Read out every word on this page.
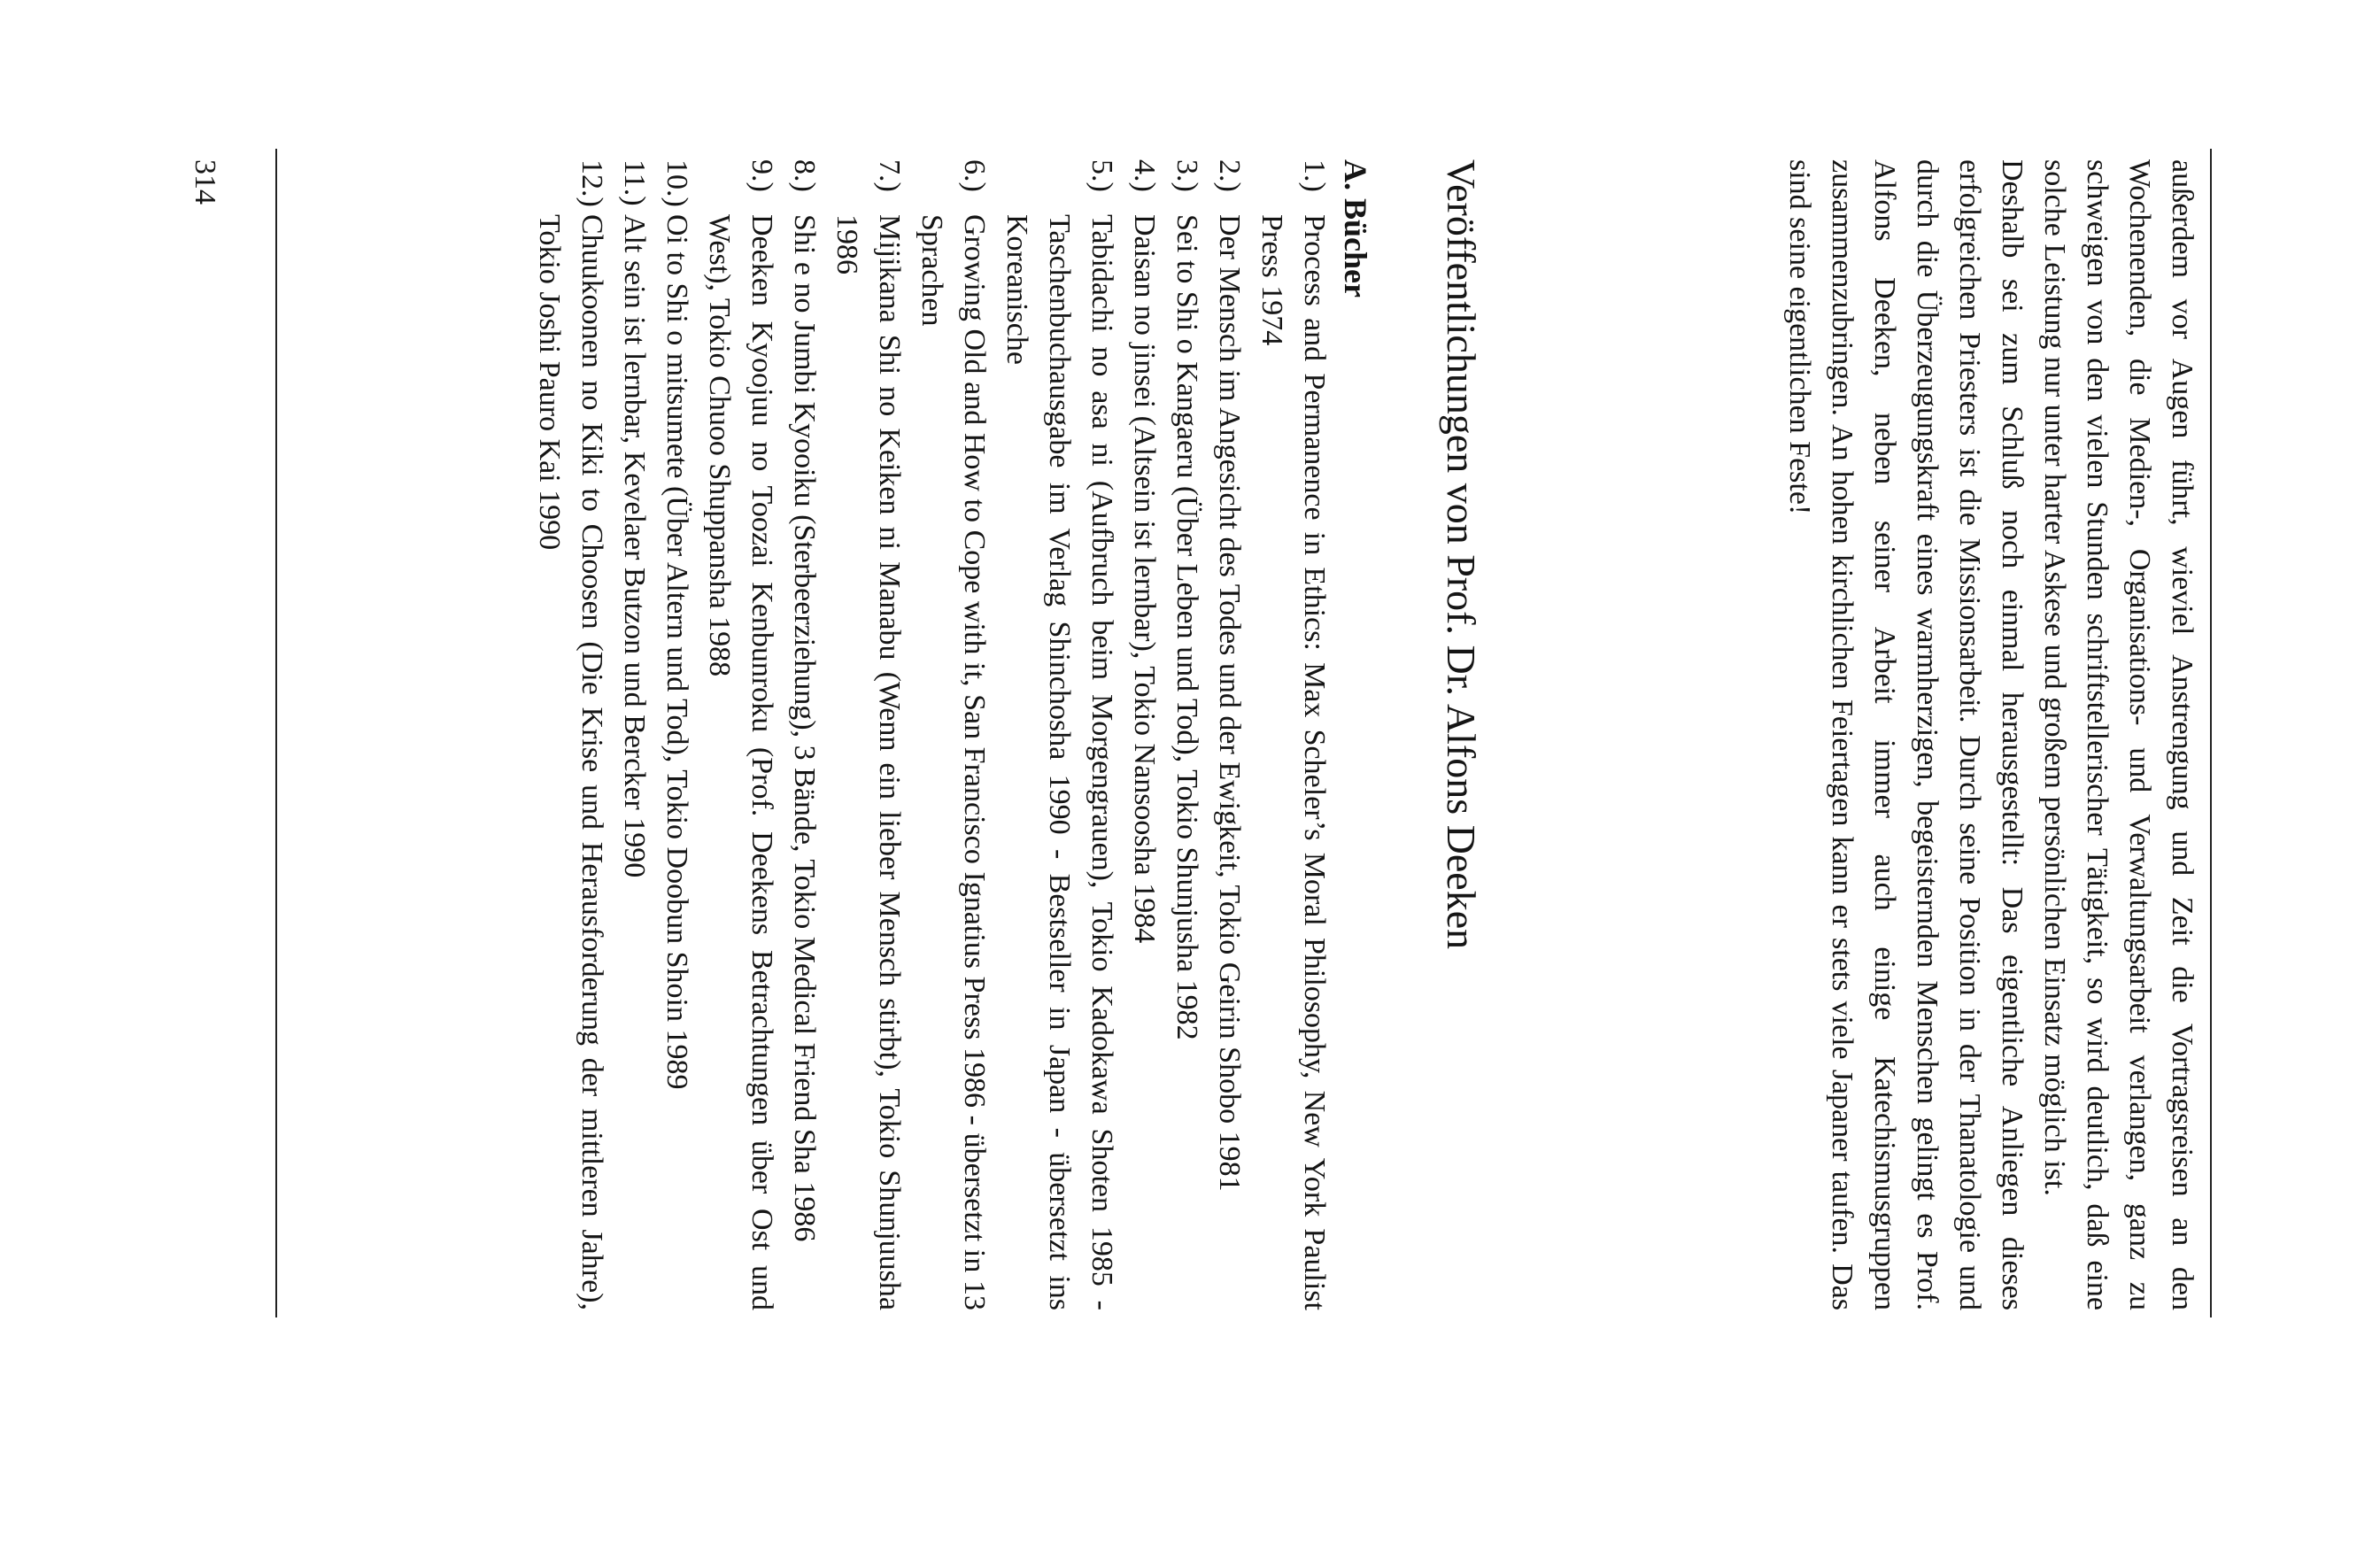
außerdem vor Augen führt, wieviel Anstrengung und Zeit die Vortragsreisen an den Wochenenden, die Medien-, Organisations- und Verwaltungsarbeit verlangen, ganz zu schweigen von den vielen Stunden schriftstellerischer Tätigkeit, so wird deutlich, daß eine solche Leistung nur unter harter Askese und großem persönlichen Einsatz möglich ist.

Deshalb sei zum Schluß noch einmal herausgestellt: Das eigentliche Anliegen dieses erfolgreichen Priesters ist die Missionsarbeit. Durch seine Position in der Thanatologie und durch die Überzeugungskraft eines warmherzigen, begeisternden Menschen gelingt es Prof. Alfons Deeken, neben seiner Arbeit immer auch einige Katechismusgruppen zusammenzubringen. An hohen kirchlichen Feiertagen kann er stets viele Japaner taufen. Das sind seine eigentlichen Feste!

Veröffentlichungen von Prof. Dr. Alfons Deeken
A. Bücher
1.)
Process and Permanence in Ethics: Max Scheler’s Moral Philosophy, New York Paulist Press 1974
2.)
Der Mensch im Angesicht des Todes und der Ewigkeit, Tokio Geirin Shobo 1981
3.)
Sei to Shi o Kangaeru (Über Leben und Tod), Tokio Shunjusha 1982
4.)
Daisan no jinsei (Altsein ist lernbar), Tokio Nansoosha 1984
5.)
Tabidachi no asa ni (Aufbruch beim Morgengrauen), Tokio Kadokawa Shoten 1985 - Taschenbuchausgabe im Verlag Shinchosha 1990 - Bestseller in Japan - übersetzt ins Koreanische
6.)
Growing Old and How to Cope with it, San Francisco Ignatius Press 1986 - übersetzt in 13 Sprachen
7.)
Mijikana Shi no Keiken ni Manabu (Wenn ein lieber Mensch stirbt), Tokio Shunjuusha 1986
8.)
Shi e no Jumbi Kyooiku (Sterbeerziehung), 3 Bände, Tokio Medical Friend Sha 1986
9.)
Deeken Kyoojuu no Toozai Kenbunroku (Prof. Deekens Betrachtungen über Ost und West), Tokio Chuoo Shuppansha 1988
10.)
Oi to Shi o mitsumete (Über Altern und Tod), Tokio Doobun Shoin 1989
11.)
Alt sein ist lernbar, Kevelaer Butzon und Bercker 1990
12.)
Chuukoonen no Kiki to Choosen (Die Krise und Herausforderung der mittleren Jahre), Tokio Joshi Pauro Kai 1990
314
